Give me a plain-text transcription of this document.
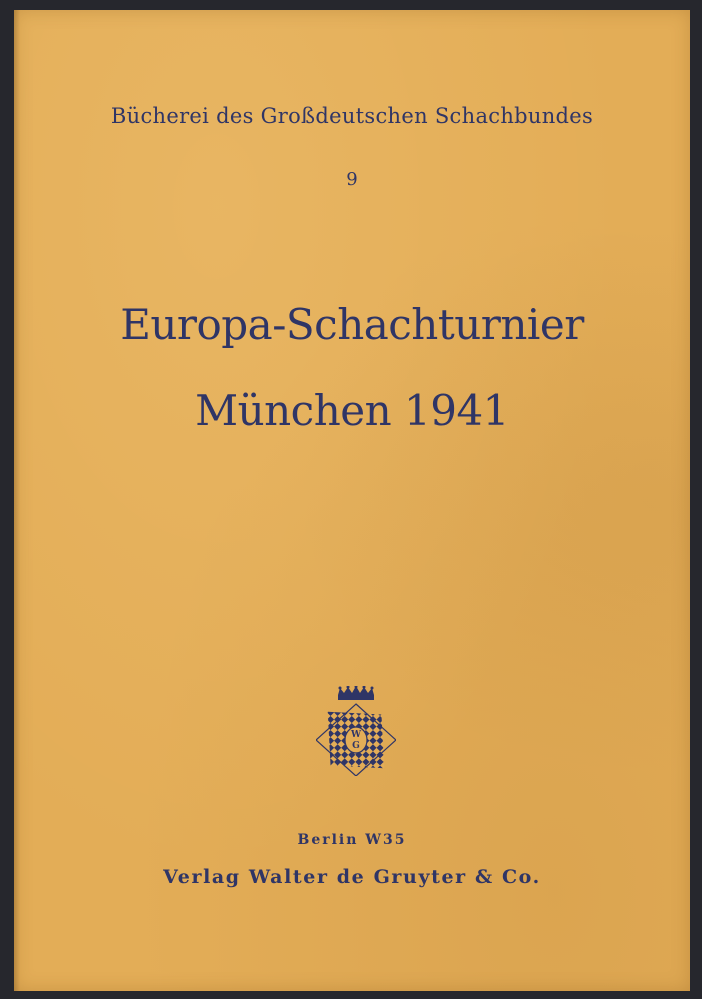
Bücherei des Großdeutschen Schachbundes
9
Europa-Schachturnier
München 1941
W
G
Berlin W35
Verlag Walter de Gruyter & Co.
